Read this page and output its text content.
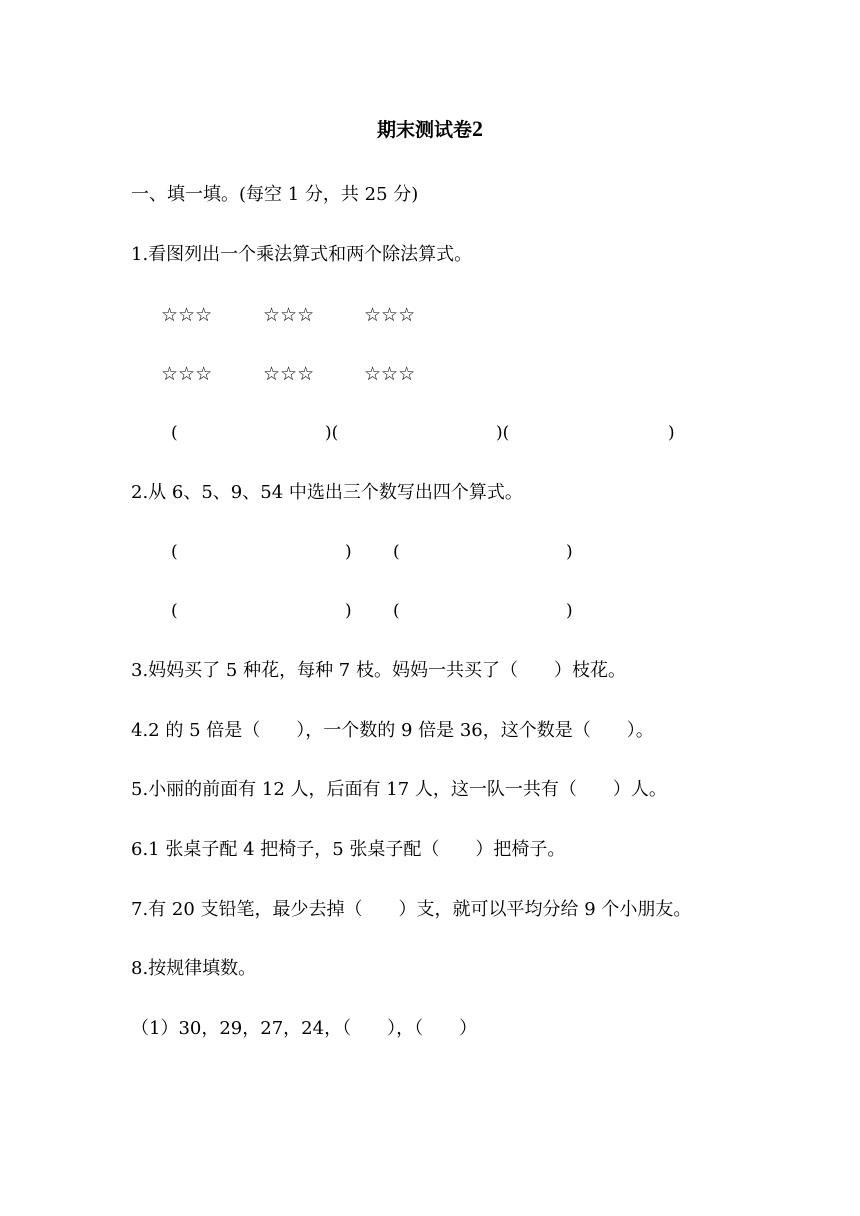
期末测试卷2
一、填一填。(每空 1 分，共 25 分)
1.看图列出一个乘法算式和两个除法算式。
☆☆☆	☆☆☆	☆☆☆
☆☆☆	☆☆☆	☆☆☆
(	)(	)(	)
2.从 6、5、9、54 中选出三个数写出四个算式。
(	) (	)
(	) (	)
3.妈妈买了 5 种花，每种 7 枝。妈妈一共买了（　　）枝花。
4.2 的 5 倍是（　　），一个数的 9 倍是 36，这个数是（　　）。
5.小丽的前面有 12 人，后面有 17 人，这一队一共有（　　）人。
6.1 张桌子配 4 把椅子，5 张桌子配（　　）把椅子。
7.有 20 支铅笔，最少去掉（　　）支，就可以平均分给 9 个小朋友。
8.按规律填数。
（1）30，29，27，24，（　　），（　　）
